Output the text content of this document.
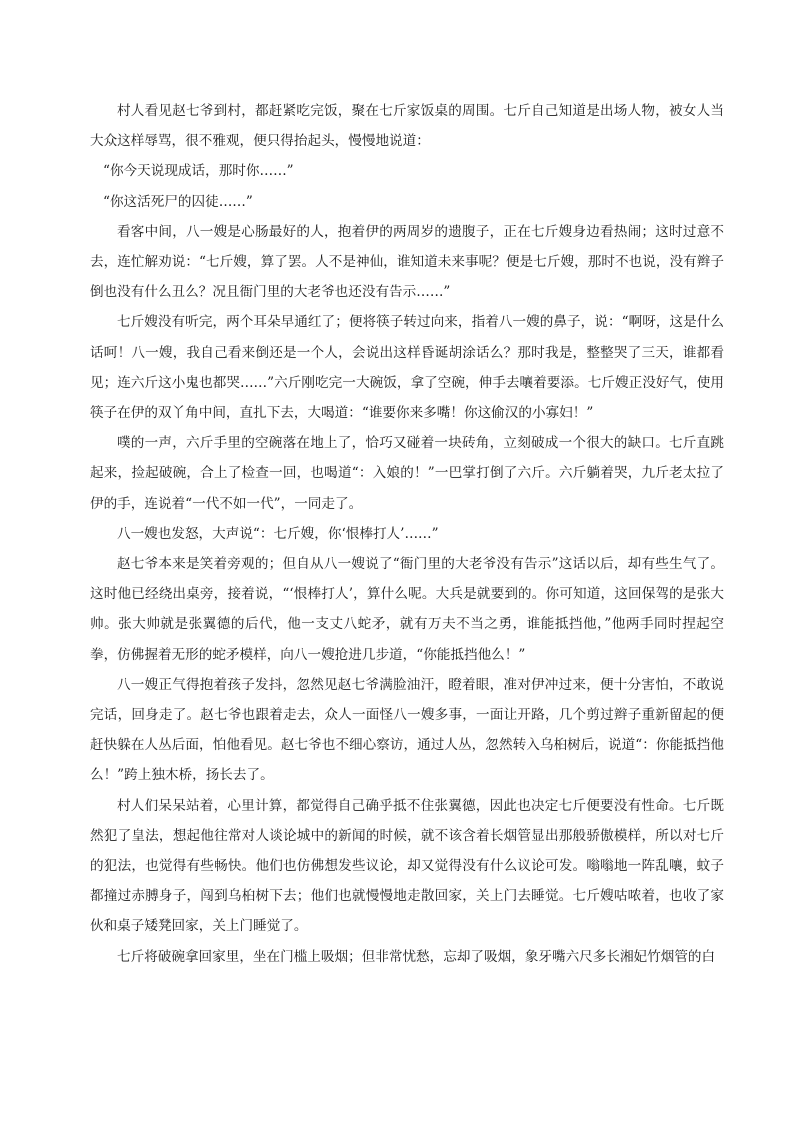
村人看见赵七爷到村，都赶紧吃完饭，聚在七斤家饭桌的周围。七斤自己知道是出场人物，被女人当大众这样辱骂，很不雅观，便只得抬起头，慢慢地说道：

“你今天说现成话，那时你……”

“你这活死尸的囚徒……”

看客中间，八一嫂是心肠最好的人，抱着伊的两周岁的遗腹子，正在七斤嫂身边看热闹；这时过意不去，连忙解劝说：“七斤嫂，算了罢。人不是神仙，谁知道未来事呢？便是七斤嫂，那时不也说，没有辫子倒也没有什么丑么？况且衙门里的大老爷也还没有告示……”

七斤嫂没有听完，两个耳朵早通红了；便将筷子转过向来，指着八一嫂的鼻子，说：“啊呀，这是什么话呵！八一嫂，我自己看来倒还是一个人，会说出这样昏诞胡涂话么？那时我是，整整哭了三天，谁都看见；连六斤这小鬼也都哭……”六斤刚吃完一大碗饭，拿了空碗，伸手去嚷着要添。七斤嫂正没好气，使用筷子在伊的双丫角中间，直扎下去，大喝道：“谁要你来多嘴！你这偷汉的小寡妇！”

噗的一声，六斤手里的空碗落在地上了，恰巧又碰着一块砖角，立刻破成一个很大的缺口。七斤直跳起来，捡起破碗，合上了检查一回，也喝道“：入娘的！”一巴掌打倒了六斤。六斤躺着哭，九斤老太拉了伊的手，连说着“一代不如一代”，一同走了。

八一嫂也发怒，大声说“：七斤嫂，你‘恨棒打人’……”

赵七爷本来是笑着旁观的；但自从八一嫂说了“衙门里的大老爷没有告示”这话以后，却有些生气了。这时他已经绕出桌旁，接着说，“‘恨棒打人’，算什么呢。大兵是就要到的。你可知道，这回保驾的是张大帅。张大帅就是张翼德的后代，他一支丈八蛇矛，就有万夫不当之勇，谁能抵挡他，”他两手同时捏起空拳，仿佛握着无形的蛇矛模样，向八一嫂抢进几步道，“你能抵挡他么！”

八一嫂正气得抱着孩子发抖，忽然见赵七爷满脸油汗，瞪着眼，准对伊冲过来，便十分害怕，不敢说完话，回身走了。赵七爷也跟着走去，众人一面怪八一嫂多事，一面让开路，几个剪过辫子重新留起的便赶快躲在人丛后面，怕他看见。赵七爷也不细心察访，通过人丛，忽然转入乌桕树后，说道“：你能抵挡他么！”跨上独木桥，扬长去了。

村人们呆呆站着，心里计算，都觉得自己确乎抵不住张翼德，因此也决定七斤便要没有性命。七斤既然犯了皇法，想起他往常对人谈论城中的新闻的时候，就不该含着长烟管显出那般骄傲模样，所以对七斤的犯法，也觉得有些畅快。他们也仿佛想发些议论，却又觉得没有什么议论可发。嗡嗡地一阵乱嚷，蚊子都撞过赤膊身子，闯到乌桕树下去；他们也就慢慢地走散回家，关上门去睡觉。七斤嫂咕哝着，也收了家伙和桌子矮凳回家，关上门睡觉了。

七斤将破碗拿回家里，坐在门槛上吸烟；但非常忧愁，忘却了吸烟，象牙嘴六尺多长湘妃竹烟管的白
